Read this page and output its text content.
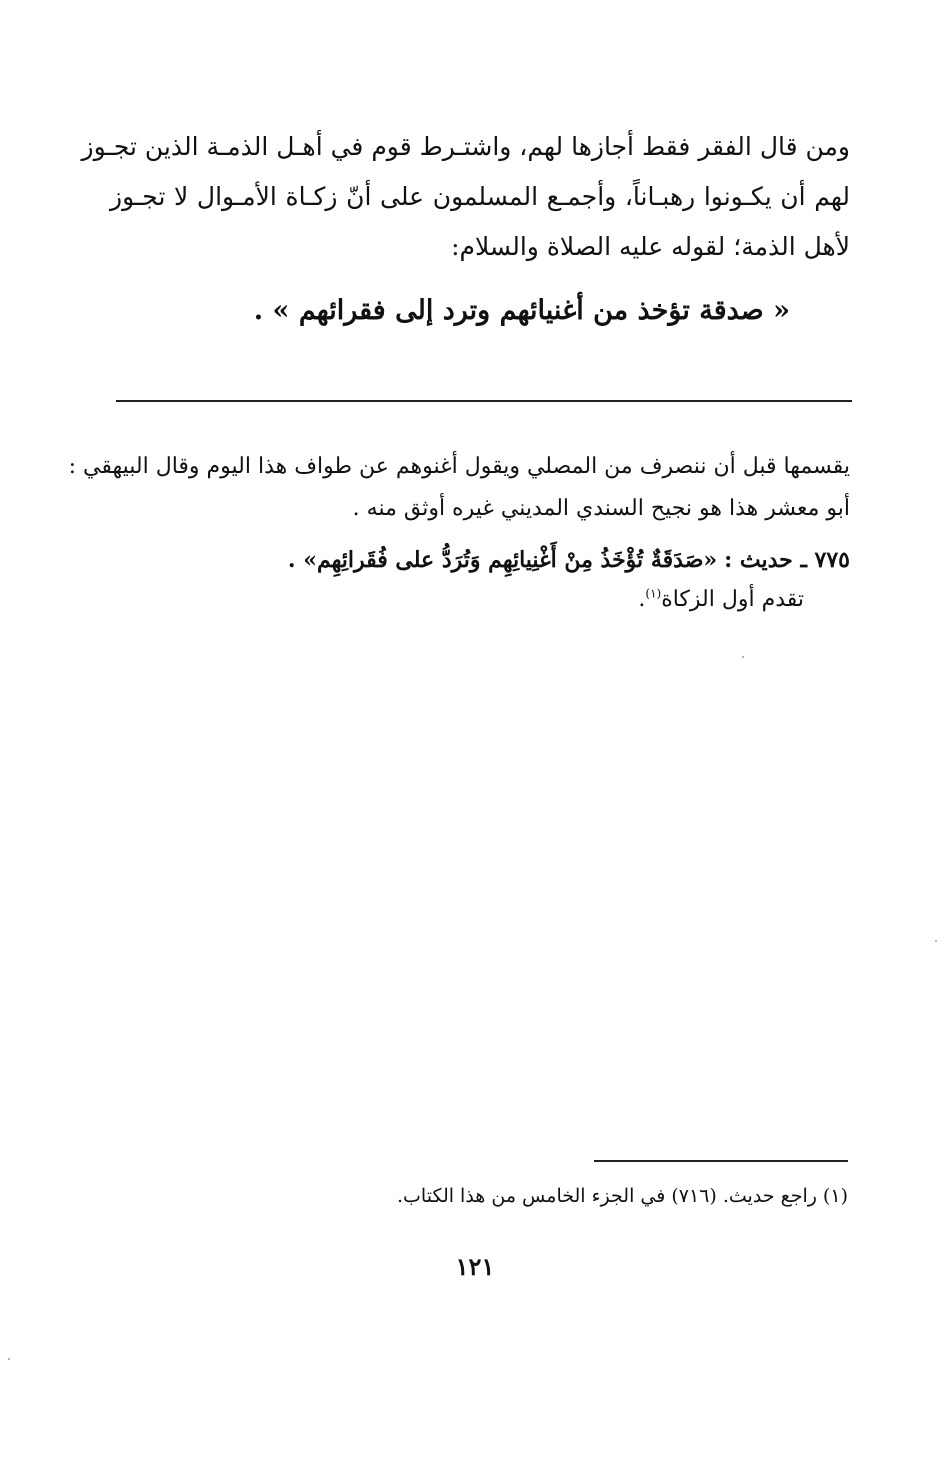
ومن قال الفقر فقط أجازها لهم، واشتـرط قوم في أهـل الذمـة الذين تجـوز
لهم أن يكـونوا رهبـاناً، وأجمـع المسلمون على أنّ زكـاة الأمـوال لا تجـوز
لأهل الذمة؛ لقوله عليه الصلاة والسلام:
« صدقة تؤخذ من أغنيائهم وترد إلى فقرائهم » .
يقسمها قبل أن ننصرف من المصلي ويقول أغنوهم عن طواف هذا اليوم وقال البيهقي :
أبو معشر هذا هو نجيح السندي المديني غيره أوثق منه .
٧٧٥ ـ حديث : «صَدَقَةٌ تُؤْخَذُ مِنْ أَغْنِيائِهِم وَتُرَدُّ على فُقَرائِهِم» .
تقدم أول الزكاة$^{(١)}$.
(١) راجع حديث. (٧١٦) في الجزء الخامس من هذا الكتاب.
١٢١
